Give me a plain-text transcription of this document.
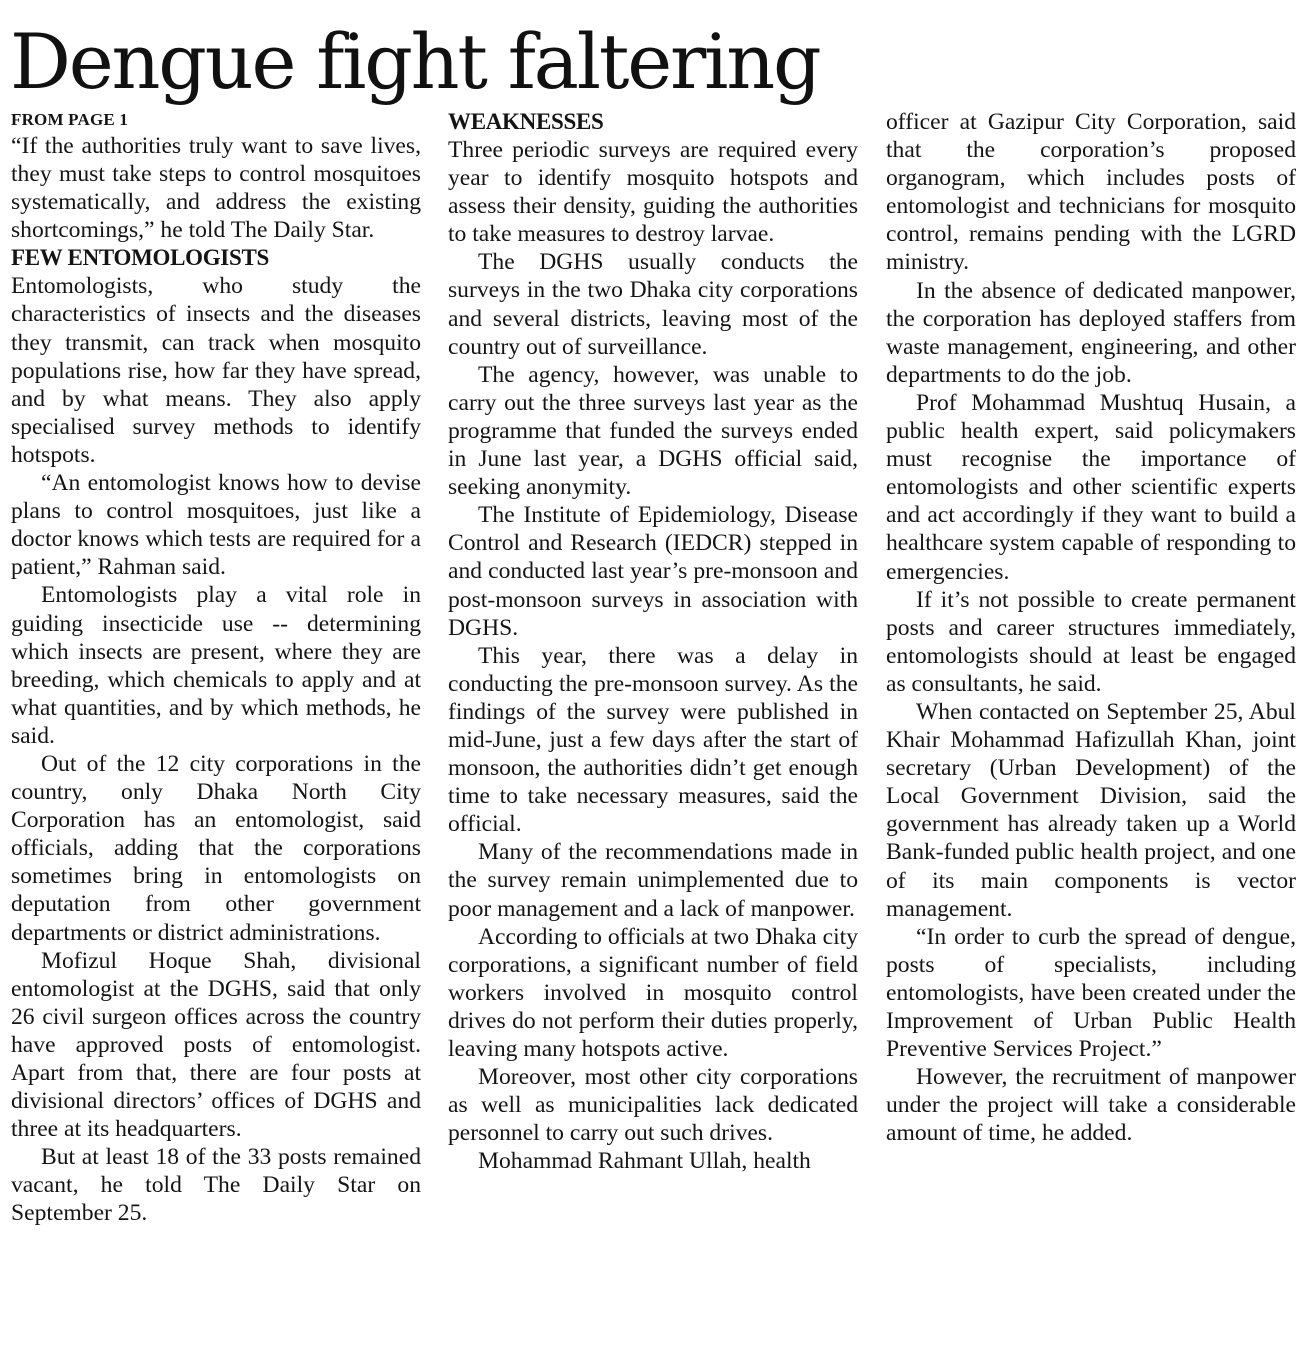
Dengue fight faltering
FROM PAGE 1

“If the authorities truly want to save lives, they must take steps to control mosquitoes systematically, and address the existing shortcomings,” he told The Daily Star.

FEW ENTOMOLOGISTS

Entomologists, who study the characteristics of insects and the diseases they transmit, can track when mosquito populations rise, how far they have spread, and by what means. They also apply specialised survey methods to identify hotspots.

“An entomologist knows how to devise plans to control mosquitoes, just like a doctor knows which tests are required for a patient,” Rahman said.

Entomologists play a vital role in guiding insecticide use -- determining which insects are present, where they are breeding, which chemicals to apply and at what quantities, and by which methods, he said.

Out of the 12 city corporations in the country, only Dhaka North City Corporation has an entomologist, said officials, adding that the corporations sometimes bring in entomologists on deputation from other government departments or district administrations.

Mofizul Hoque Shah, divisional entomologist at the DGHS, said that only 26 civil surgeon offices across the country have approved posts of entomologist. Apart from that, there are four posts at divisional directors’ offices of DGHS and three at its headquarters.

But at least 18 of the 33 posts remained vacant, he told The Daily Star on September 25.

WEAKNESSES

Three periodic surveys are required every year to identify mosquito hotspots and assess their density, guiding the authorities to take measures to destroy larvae.

The DGHS usually conducts the surveys in the two Dhaka city corporations and several districts, leaving most of the country out of surveillance.

The agency, however, was unable to carry out the three surveys last year as the programme that funded the surveys ended in June last year, a DGHS official said, seeking anonymity.

The Institute of Epidemiology, Disease Control and Research (IEDCR) stepped in and conducted last year’s pre-monsoon and post-monsoon surveys in association with DGHS.

This year, there was a delay in conducting the pre-monsoon survey. As the findings of the survey were published in mid-June, just a few days after the start of monsoon, the authorities didn’t get enough time to take necessary measures, said the official.

Many of the recommendations made in the survey remain unimplemented due to poor management and a lack of manpower.

According to officials at two Dhaka city corporations, a significant number of field workers involved in mosquito control drives do not perform their duties properly, leaving many hotspots active.

Moreover, most other city corporations as well as municipalities lack dedicated personnel to carry out such drives.

Mohammad Rahmant Ullah, health

officer at Gazipur City Corporation, said that the corporation’s proposed organogram, which includes posts of entomologist and technicians for mosquito control, remains pending with the LGRD ministry.

In the absence of dedicated manpower, the corporation has deployed staffers from waste management, engineering, and other departments to do the job.

Prof Mohammad Mushtuq Husain, a public health expert, said policymakers must recognise the importance of entomologists and other scientific experts and act accordingly if they want to build a healthcare system capable of responding to emergencies.

If it’s not possible to create permanent posts and career structures immediately, entomologists should at least be engaged as consultants, he said.

When contacted on September 25, Abul Khair Mohammad Hafizullah Khan, joint secretary (Urban Development) of the Local Government Division, said the government has already taken up a World Bank-funded public health project, and one of its main components is vector management.

“In order to curb the spread of dengue, posts of specialists, including entomologists, have been created under the Improvement of Urban Public Health Preventive Services Project.”

However, the recruitment of manpower under the project will take a considerable amount of time, he added.
